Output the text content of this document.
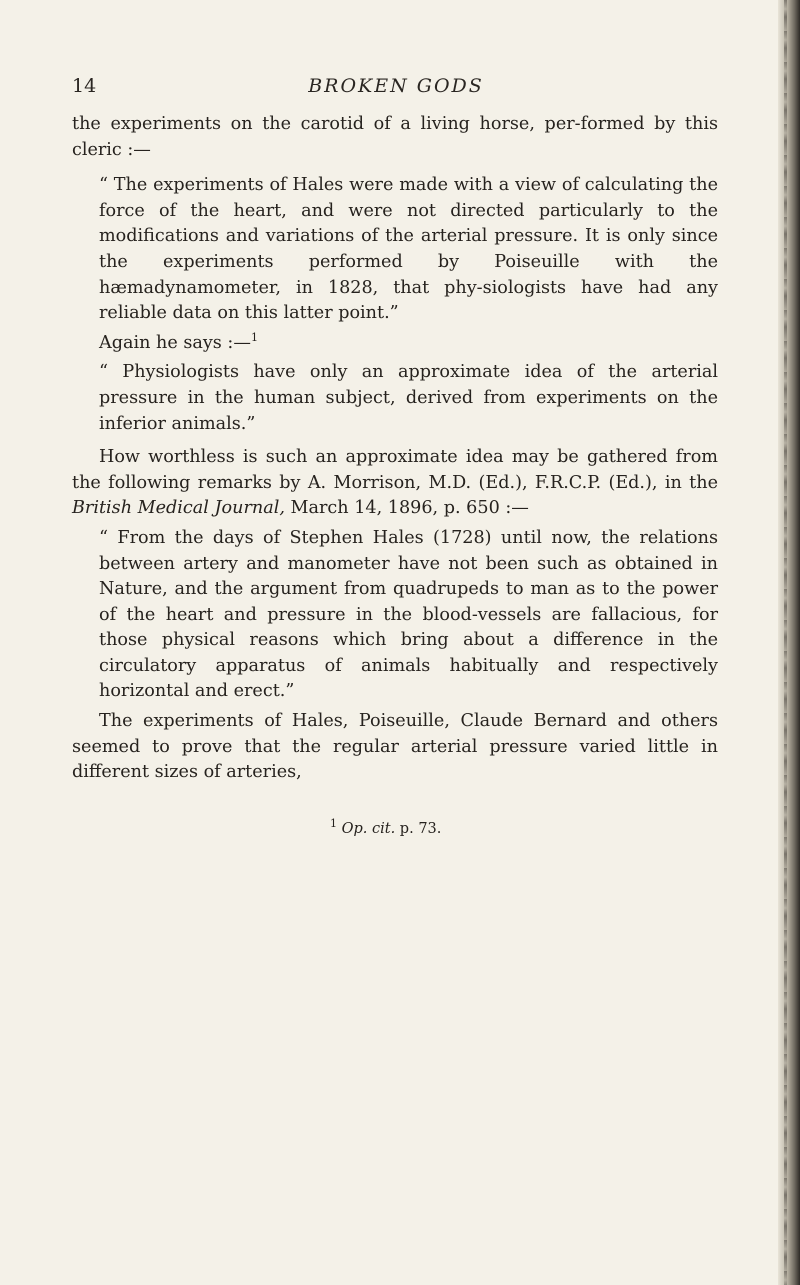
14	BROKEN GODS

the experiments on the carotid of a living horse, per-formed by this cleric :—

“ The experiments of Hales were made with a view of calculating the force of the heart, and were not directed particularly to the modifications and variations of the arterial pressure. It is only since the experiments performed by Poiseuille with the hæmadynamometer, in 1828, that phy-siologists have had any reliable data on this latter point.”

Again he says :—$^1$

“ Physiologists have only an approximate idea of the arterial pressure in the human subject, derived from experiments on the inferior animals.”

How worthless is such an approximate idea may be gathered from the following remarks by A. Morrison, M.D. (Ed.), F.R.C.P. (Ed.), in the British Medical Journal, March 14, 1896, p. 650 :—

“ From the days of Stephen Hales (1728) until now, the relations between artery and manometer have not been such as obtained in Nature, and the argument from quadrupeds to man as to the power of the heart and pressure in the blood-vessels are fallacious, for those physical reasons which bring about a difference in the circulatory apparatus of animals habitually and respectively horizontal and erect.”

The experiments of Hales, Poiseuille, Claude Bernard and others seemed to prove that the regular arterial pressure varied little in different sizes of arteries,

$^1$ Op. cit. p. 73.
